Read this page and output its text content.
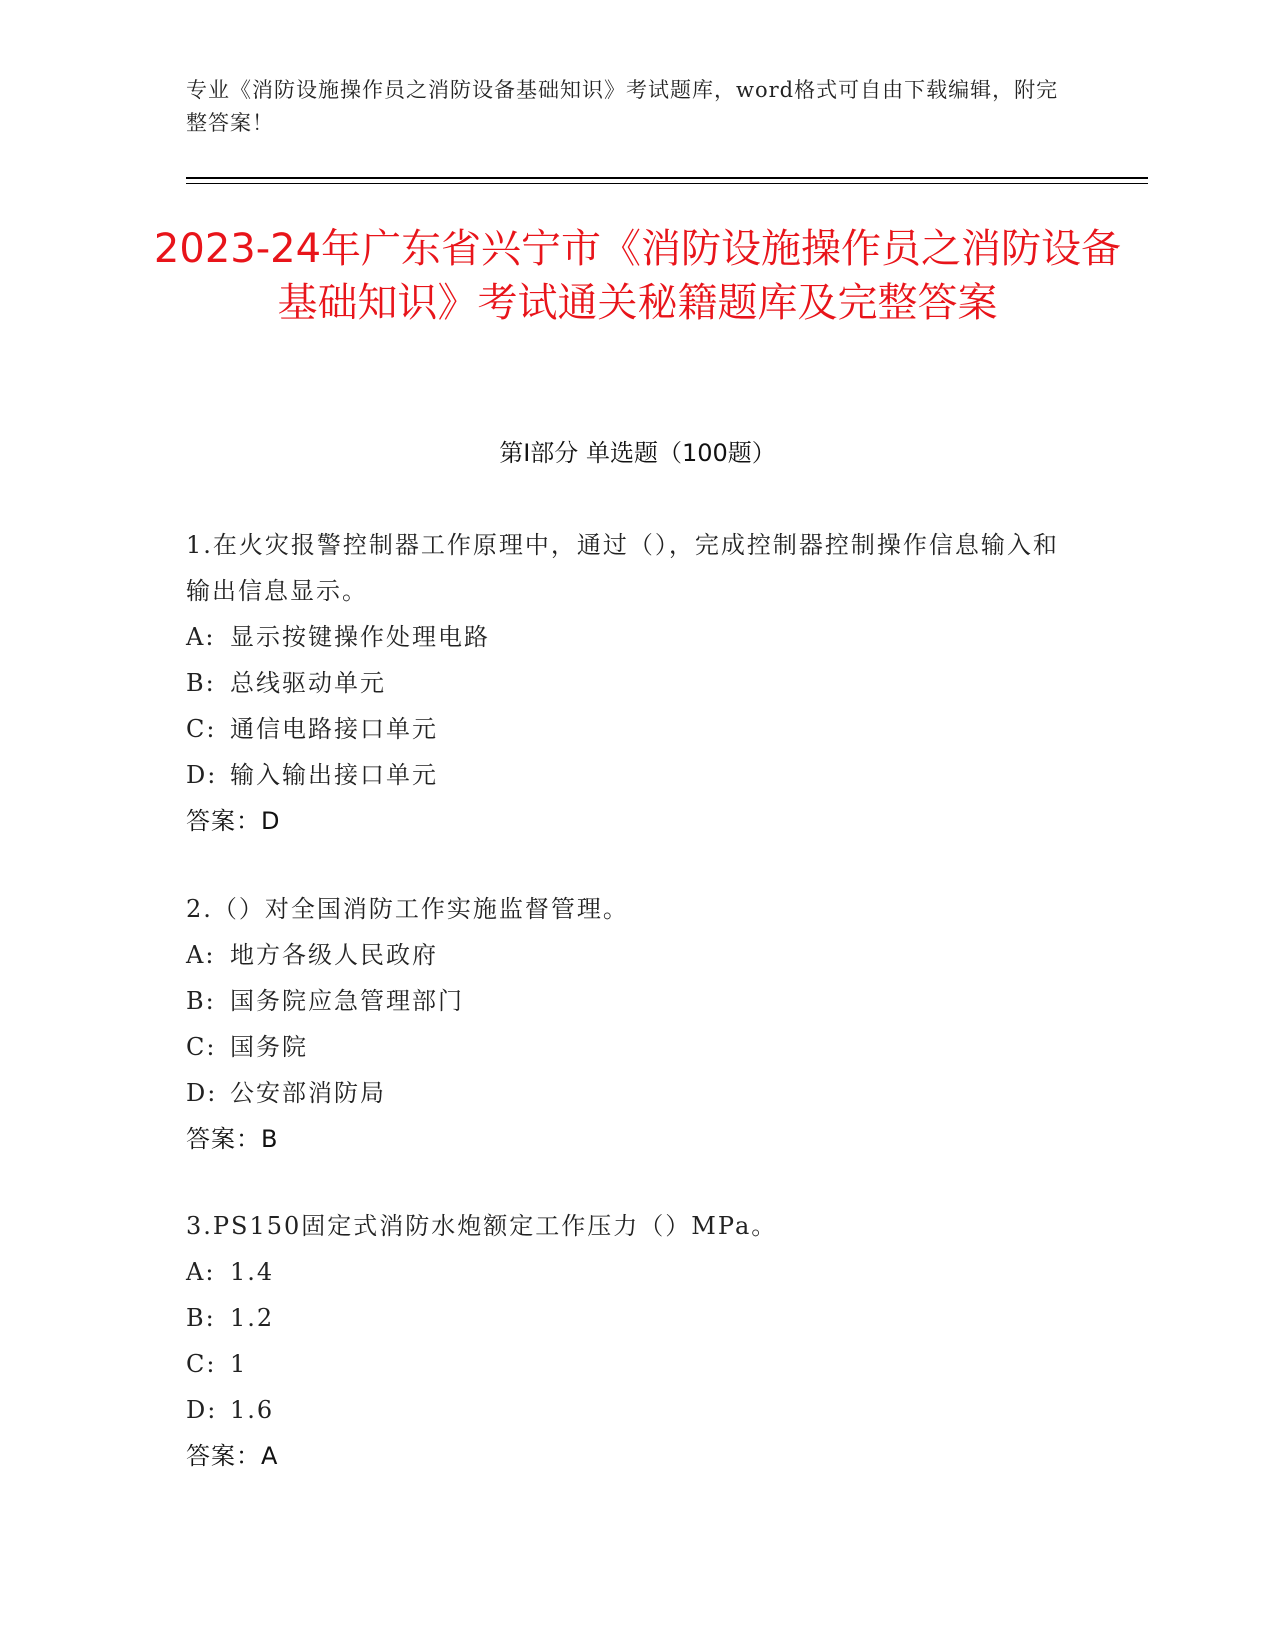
专业《消防设施操作员之消防设备基础知识》考试题库，word格式可自由下载编辑，附完整答案！
2023-24年广东省兴宁市《消防设施操作员之消防设备基础知识》考试通关秘籍题库及完整答案
第I部分 单选题（100题）
1.在火灾报警控制器工作原理中，通过（），完成控制器控制操作信息输入和输出信息显示。
A: 显示按键操作处理电路
B: 总线驱动单元
C: 通信电路接口单元
D: 输入输出接口单元
答案：D
2.（）对全国消防工作实施监督管理。
A: 地方各级人民政府
B: 国务院应急管理部门
C: 国务院
D: 公安部消防局
答案：B
3.PS150固定式消防水炮额定工作压力（）MPa。
A: 1.4
B: 1.2
C: 1
D: 1.6
答案：A
